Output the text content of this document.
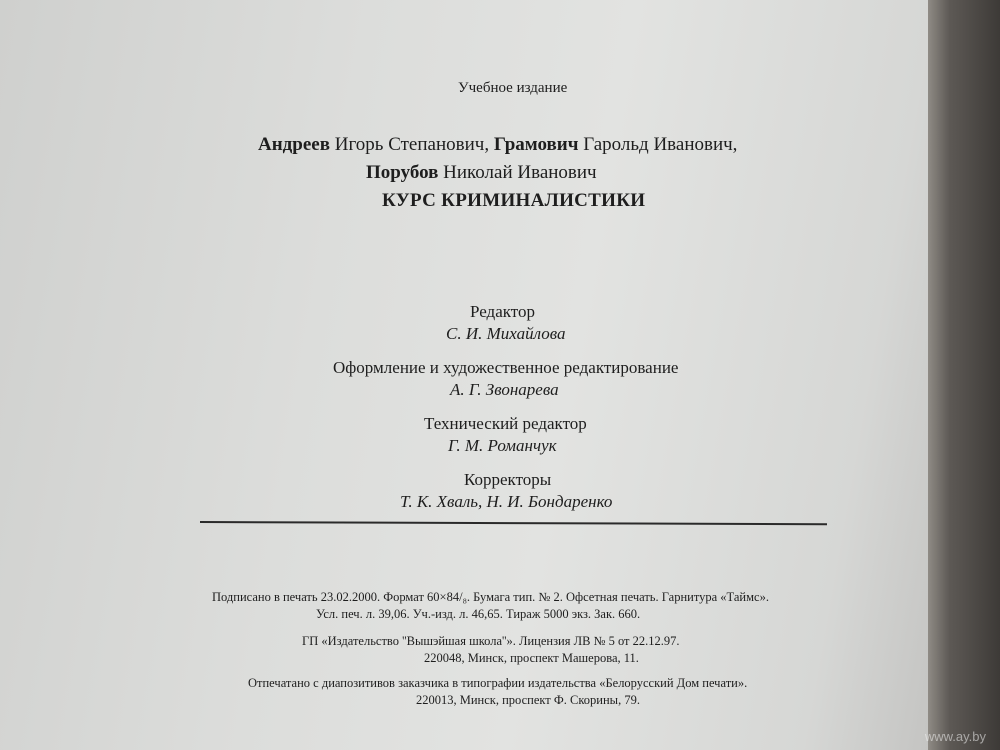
Учебное издание
Андреев Игорь Степанович, Грамович Гарольд Иванович,
Порубов Николай Иванович
КУРС КРИМИНАЛИСТИКИ
Редактор
С. И. Михайлова
Оформление и художественное редактирование
А. Г. Звонарева
Технический редактор
Г. М. Романчук
Корректоры
Т. К. Хваль, Н. И. Бондаренко
Подписано в печать 23.02.2000. Формат 60×84/₈. Бумага тип. № 2. Офсетная печать. Гарнитура «Таймс».
Усл. печ. л. 39,06. Уч.-изд. л. 46,65. Тираж 5000 экз. Зак. 660.
ГП «Издательство ''Вышэйшая школа''». Лицензия ЛВ № 5 от 22.12.97.
220048, Минск, проспект Машерова, 11.
Отпечатано с диапозитивов заказчика в типографии издательства «Белорусский Дом печати».
220013, Минск, проспект Ф. Скорины, 79.
www.ay.by
